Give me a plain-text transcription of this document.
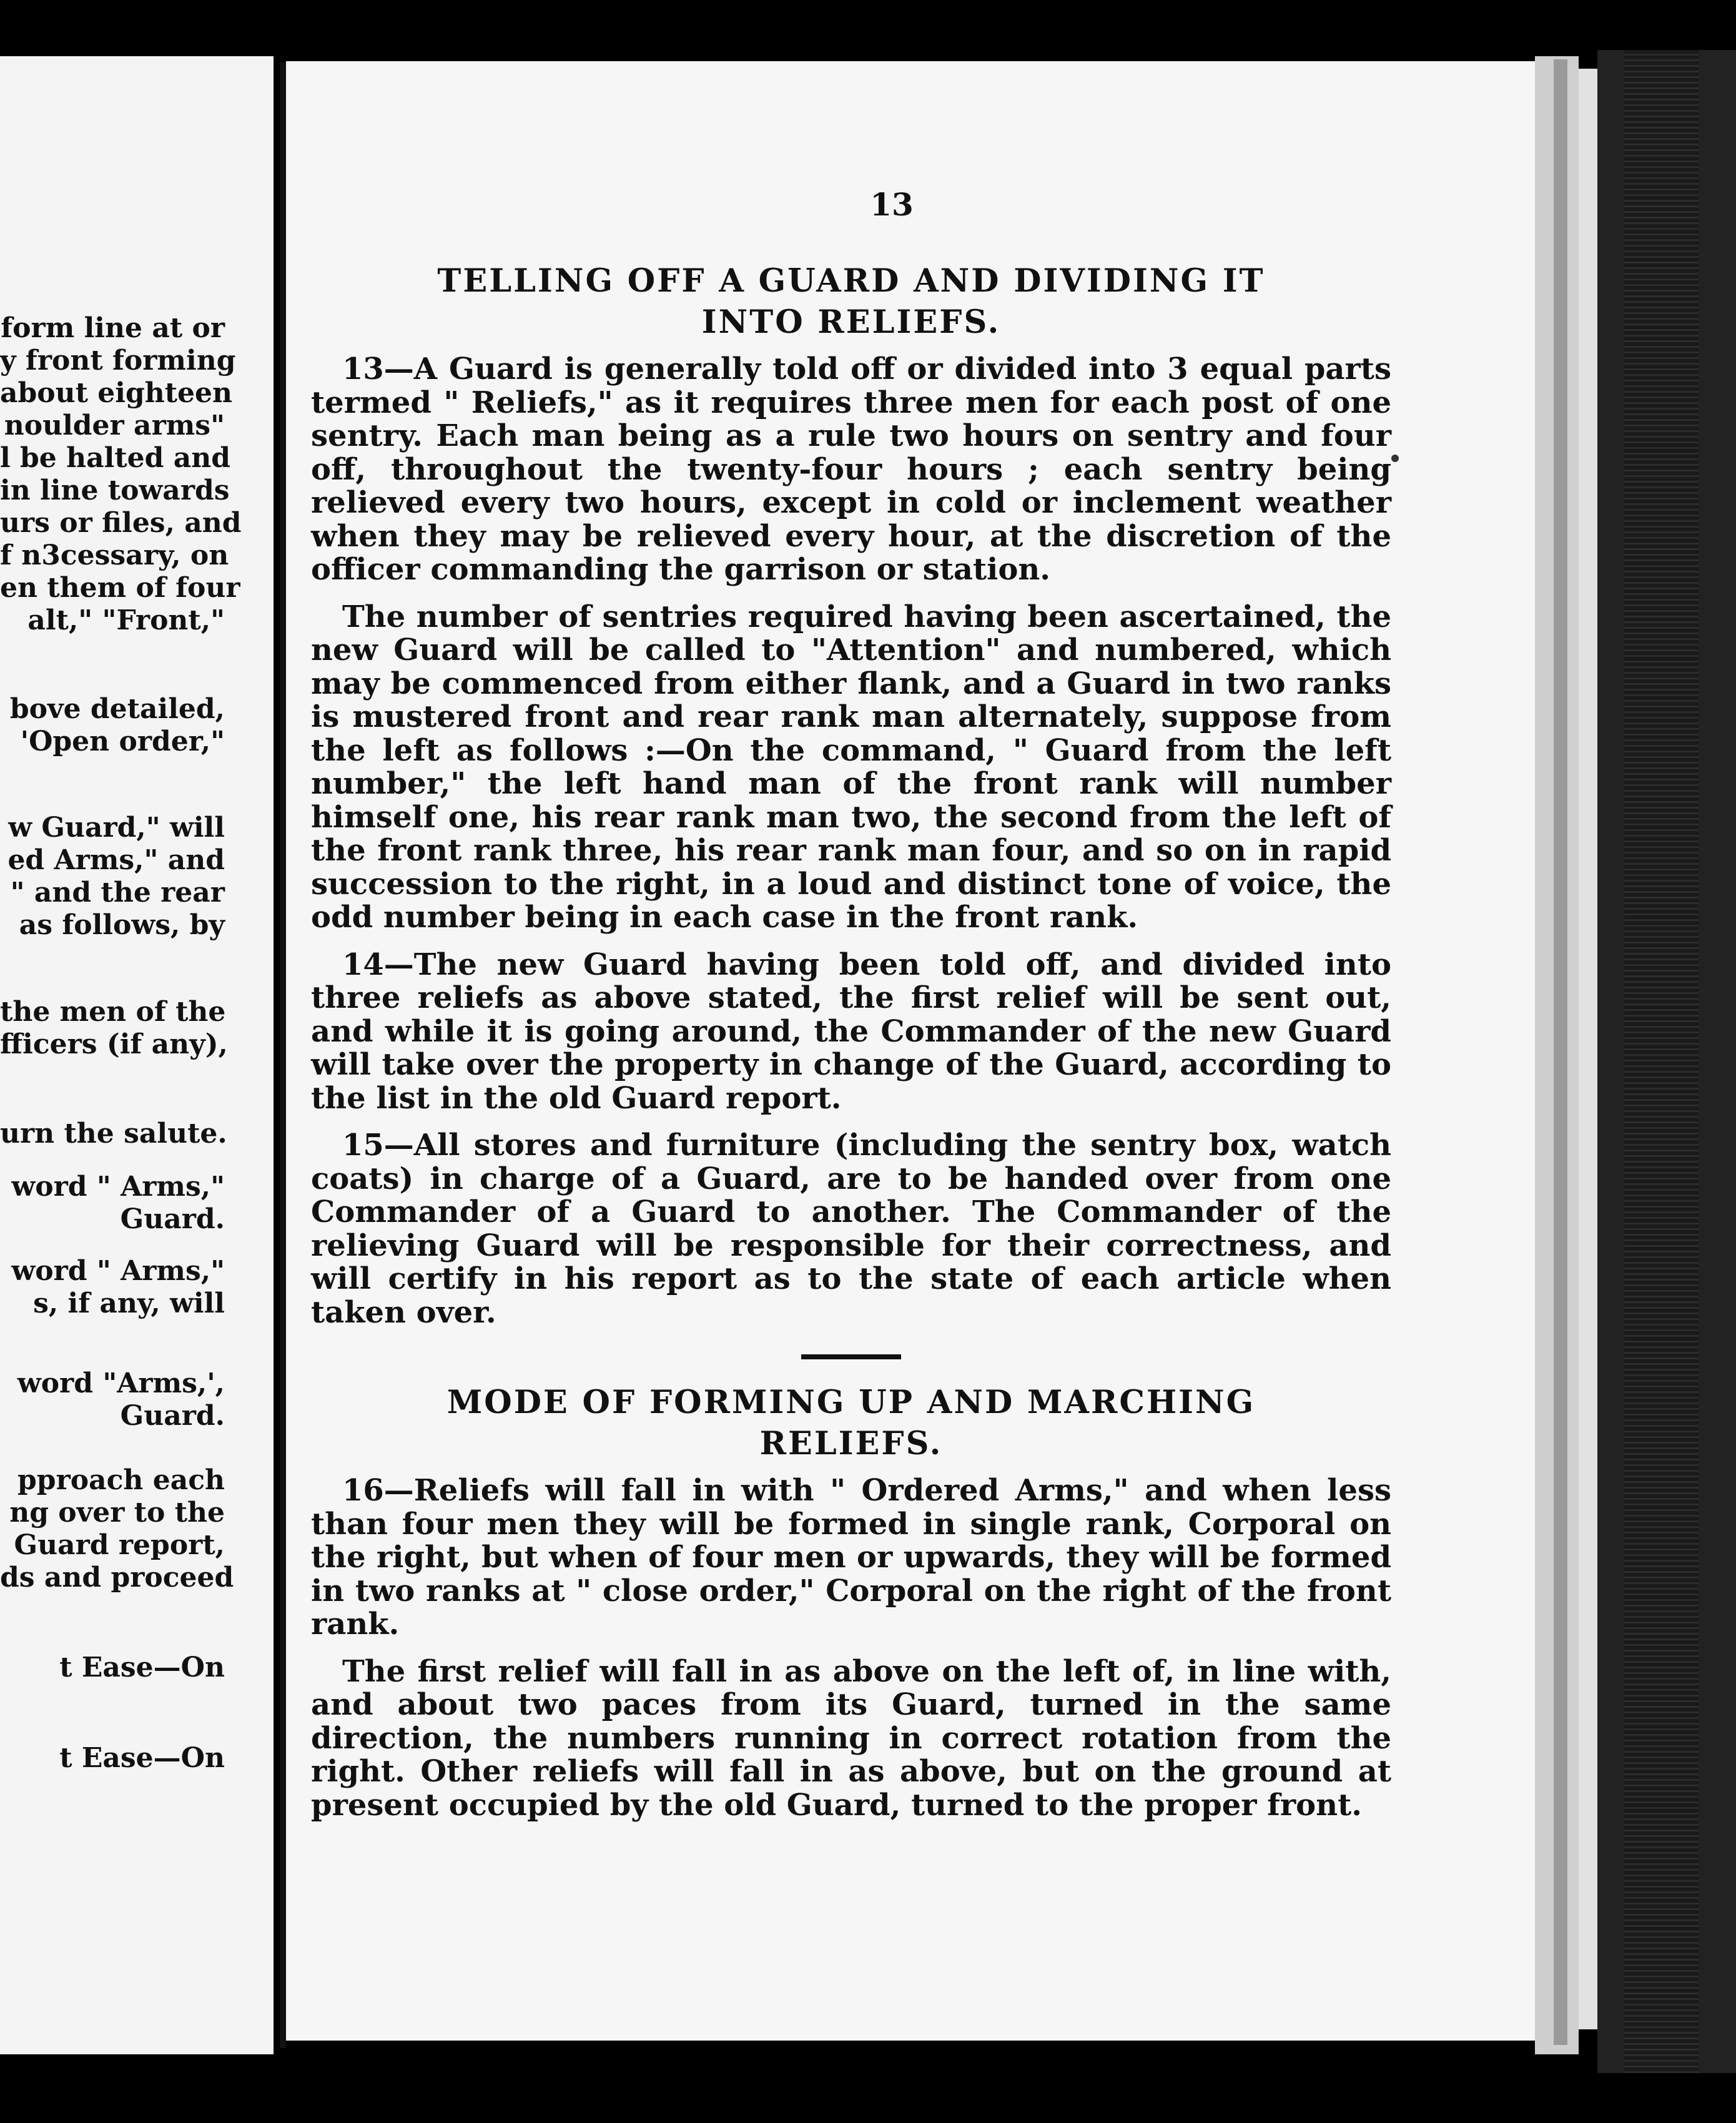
form line at or
y front forming
about eighteen
noulder arms"
l be halted and
in line towards
urs or files, and
f n3cessary, on
en them of four
alt," "Front,"
bove detailed,
'Open order,"
w Guard," will
ed Arms," and
" and the rear
as follows, by
the men of the
fficers (if any),
urn the salute.
word " Arms,"
Guard.
word " Arms,"
s, if any, will
word "Arms,',
Guard.
pproach each
ng over to the
Guard report,
ds and proceed
t Ease—On
t Ease—On
13
TELLING OFF A GUARD AND DIVIDING IT
INTO RELIEFS.

13—A Guard is generally told off or divided into 3 equal parts termed " Reliefs," as it requires three men for each post of one sentry. Each man being as a rule two hours on sentry and four off, throughout the twenty-four hours ; each sentry being relieved every two hours, except in cold or inclement weather when they may be relieved every hour, at the discretion of the officer commanding the garrison or station.

The number of sentries required having been ascertained, the new Guard will be called to "Attention" and numbered, which may be commenced from either flank, and a Guard in two ranks is mustered front and rear rank man alternately, suppose from the left as follows :—On the command, " Guard from the left number," the left hand man of the front rank will number himself one, his rear rank man two, the second from the left of the front rank three, his rear rank man four, and so on in rapid succession to the right, in a loud and distinct tone of voice, the odd number being in each case in the front rank.

14—The new Guard having been told off, and divided into three reliefs as above stated, the first relief will be sent out, and while it is going around, the Commander of the new Guard will take over the property in change of the Guard, according to the list in the old Guard report.

15—All stores and furniture (including the sentry box, watch coats) in charge of a Guard, are to be handed over from one Commander of a Guard to another. The Commander of the relieving Guard will be responsible for their correctness, and will certify in his report as to the state of each article when taken over.

MODE OF FORMING UP AND MARCHING
RELIEFS.

16—Reliefs will fall in with " Ordered Arms," and when less than four men they will be formed in single rank, Corporal on the right, but when of four men or upwards, they will be formed in two ranks at " close order," Corporal on the right of the front rank.

The first relief will fall in as above on the left of, in line with, and about two paces from its Guard, turned in the same direction, the numbers running in correct rotation from the right. Other reliefs will fall in as above, but on the ground at present occupied by the old Guard, turned to the proper front.
